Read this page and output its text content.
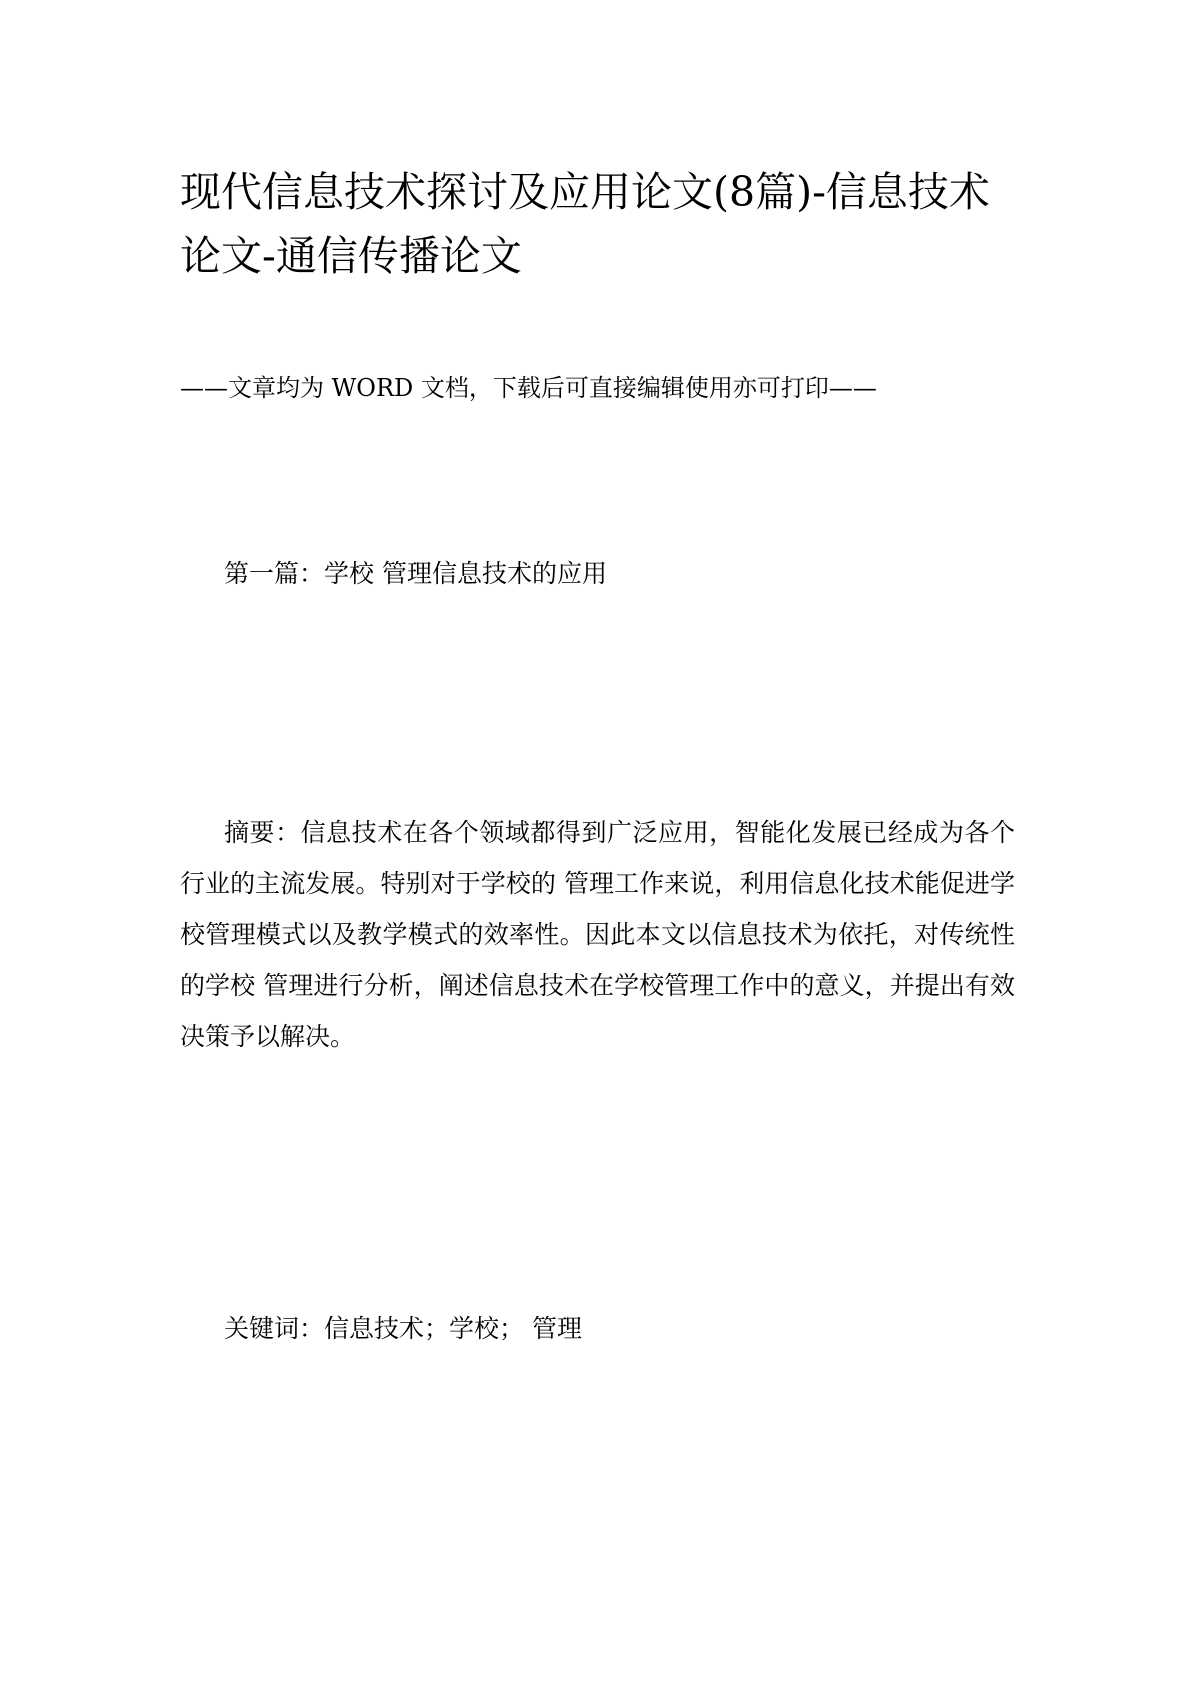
现代信息技术探讨及应用论文(8篇)-信息技术论文-通信传播论文

——文章均为 WORD 文档，下载后可直接编辑使用亦可打印——

第一篇：学校 管理信息技术的应用

摘要：信息技术在各个领域都得到广泛应用，智能化发展已经成为各个行业的主流发展。特别对于学校的 管理工作来说，利用信息化技术能促进学校管理模式以及教学模式的效率性。因此本文以信息技术为依托，对传统性的学校 管理进行分析，阐述信息技术在学校管理工作中的意义，并提出有效决策予以解决。

关键词：信息技术；学校； 管理
